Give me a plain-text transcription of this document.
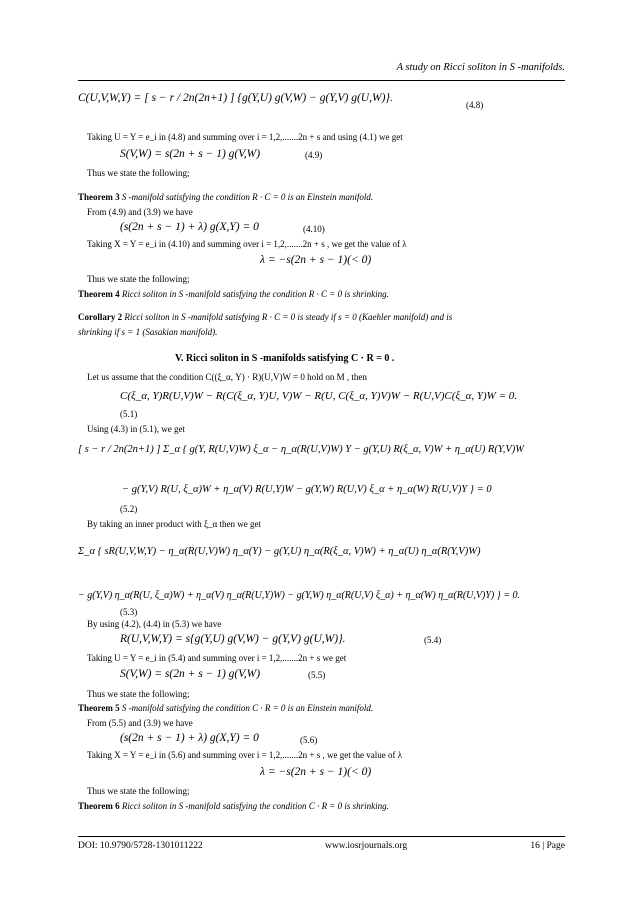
A study on Ricci soliton in S -manifolds.
C(U,V,W,Y) = [ s − r / 2n(2n+1) ] {g(Y,U) g(V,W) − g(Y,V) g(U,W)}.
(4.8)
Taking U = Y = e_i in (4.8) and summing over i = 1,2,.......2n + s and using (4.1) we get
S(V,W) = s(2n + s − 1) g(V,W)	(4.9)
Thus we state the following;
Theorem 3 S -manifold satisfying the condition R · C = 0 is an Einstein manifold.
From (4.9) and (3.9) we have
(s(2n + s − 1) + λ) g(X,Y) = 0	(4.10)
Taking X = Y = e_i in (4.10) and summing over i = 1,2,.......2n + s , we get the value of λ
λ = −s(2n + s − 1)(< 0)
Thus we state the following;
Theorem 4 Ricci soliton in S -manifold satisfying the condition R · C = 0 is shrinking.
Corollary 2 Ricci soliton in S -manifold satisfying R · C = 0 is steady if s = 0 (Kaehler manifold) and is
shrinking if s = 1 (Sasakian manifold).
V. Ricci soliton in S -manifolds satisfying C · R = 0 .
Let us assume that the condition C((ξ_α, Y) · R)(U,V)W = 0 hold on M , then
C(ξ_α, Y)R(U,V)W − R(C(ξ_α, Y)U, V)W − R(U, C(ξ_α, Y)V)W − R(U,V)C(ξ_α, Y)W = 0.
(5.1)
Using (4.3) in (5.1), we get
[ s − r / 2n(2n+1) ] Σ_α { g(Y, R(U,V)W) ξ_α − η_α(R(U,V)W) Y − g(Y,U) R(ξ_α, V)W + η_α(U) R(Y,V)W
− g(Y,V) R(U, ξ_α)W + η_α(V) R(U,Y)W − g(Y,W) R(U,V) ξ_α + η_α(W) R(U,V)Y } = 0
(5.2)
By taking an inner product with ξ_α then we get
Σ_α { sR(U,V,W,Y) − η_α(R(U,V)W) η_α(Y) − g(Y,U) η_α(R(ξ_α, V)W) + η_α(U) η_α(R(Y,V)W)
− g(Y,V) η_α(R(U, ξ_α)W) + η_α(V) η_α(R(U,Y)W) − g(Y,W) η_α(R(U,V) ξ_α) + η_α(W) η_α(R(U,V)Y) } = 0.
(5.3)
By using (4.2), (4.4) in (5.3) we have
R(U,V,W,Y) = s{g(Y,U) g(V,W) − g(Y,V) g(U,W)}.	(5.4)
Taking U = Y = e_i in (5.4) and summing over i = 1,2,.......2n + s we get
S(V,W) = s(2n + s − 1) g(V,W)	(5.5)
Thus we state the following;
Theorem 5 S -manifold satisfying the condition C · R = 0 is an Einstein manifold.
From (5.5) and (3.9) we have
(s(2n + s − 1) + λ) g(X,Y) = 0	(5.6)
Taking X = Y = e_i in (5.6) and summing over i = 1,2,.......2n + s , we get the value of λ
λ = −s(2n + s − 1)(< 0)
Thus we state the following;
Theorem 6 Ricci soliton in S -manifold satisfying the condition C · R = 0 is shrinking.
DOI: 10.9790/5728-1301011222	www.iosrjournals.org	16 | Page
